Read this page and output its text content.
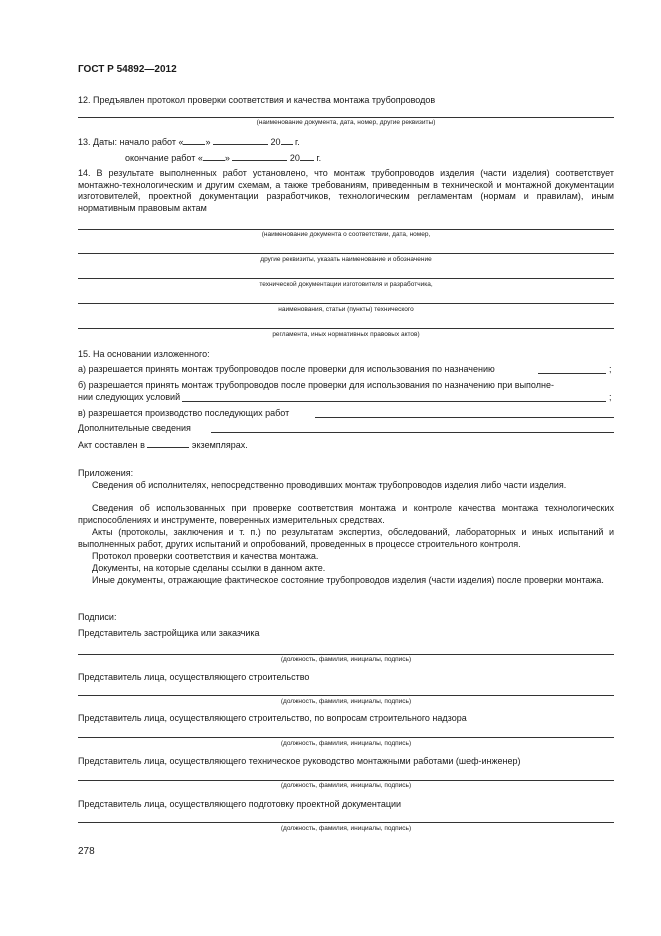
ГОСТ Р 54892—2012
12. Предъявлен протокол проверки соответствия и качества монтажа трубопроводов
(наименование документа, дата, номер, другие реквизиты)
13. Даты: начало работ « »	20 г.
окончание работ « »	20 г.
14. В результате выполненных работ установлено, что монтаж трубопроводов изделия (части изделия) соответствует монтажно-технологическим и другим схемам, а также требованиям, приведенным в технической и монтажной документации изготовителей, проектной документации разработчиков, технологическим регламентам (нормам и правилам), иным нормативным правовым актам
(наименование документа о соответствии, дата, номер,
другие реквизиты, указать наименование и обозначение
технической документации изготовителя и разработчика,
наименования, статьи (пункты) технического
регламента, иных нормативных правовых актов)
15. На основании изложенного:
а) разрешается принять монтаж трубопроводов после проверки для использования по назначению	;
б) разрешается принять монтаж трубопроводов после проверки для использования по назначению при выполне-
нии следующих условий	;
в) разрешается производство последующих работ
Дополнительные сведения
Акт составлен в	экземплярах.
Приложения:
Сведения об исполнителях, непосредственно проводивших монтаж трубопроводов изделия либо части изделия.
Сведения об использованных при проверке соответствия монтажа и контроле качества монтажа технологических приспособлениях и инструменте, поверенных измерительных средствах.
Акты (протоколы, заключения и т. п.) по результатам экспертиз, обследований, лабораторных и иных испытаний и выполненных работ, других испытаний и опробований, проведенных в процессе строительного контроля.
Протокол проверки соответствия и качества монтажа.
Документы, на которые сделаны ссылки в данном акте.
Иные документы, отражающие фактическое состояние трубопроводов изделия (части изделия) после проверки монтажа.
Подписи:
Представитель застройщика или заказчика
(должность, фамилия, инициалы, подпись)
Представитель лица, осуществляющего строительство
(должность, фамилия, инициалы, подпись)
Представитель лица, осуществляющего строительство, по вопросам строительного надзора
(должность, фамилия, инициалы, подпись)
Представитель лица, осуществляющего техническое руководство монтажными работами (шеф-инженер)
(должность, фамилия, инициалы, подпись)
Представитель лица, осуществляющего подготовку проектной документации
(должность, фамилия, инициалы, подпись)
278
